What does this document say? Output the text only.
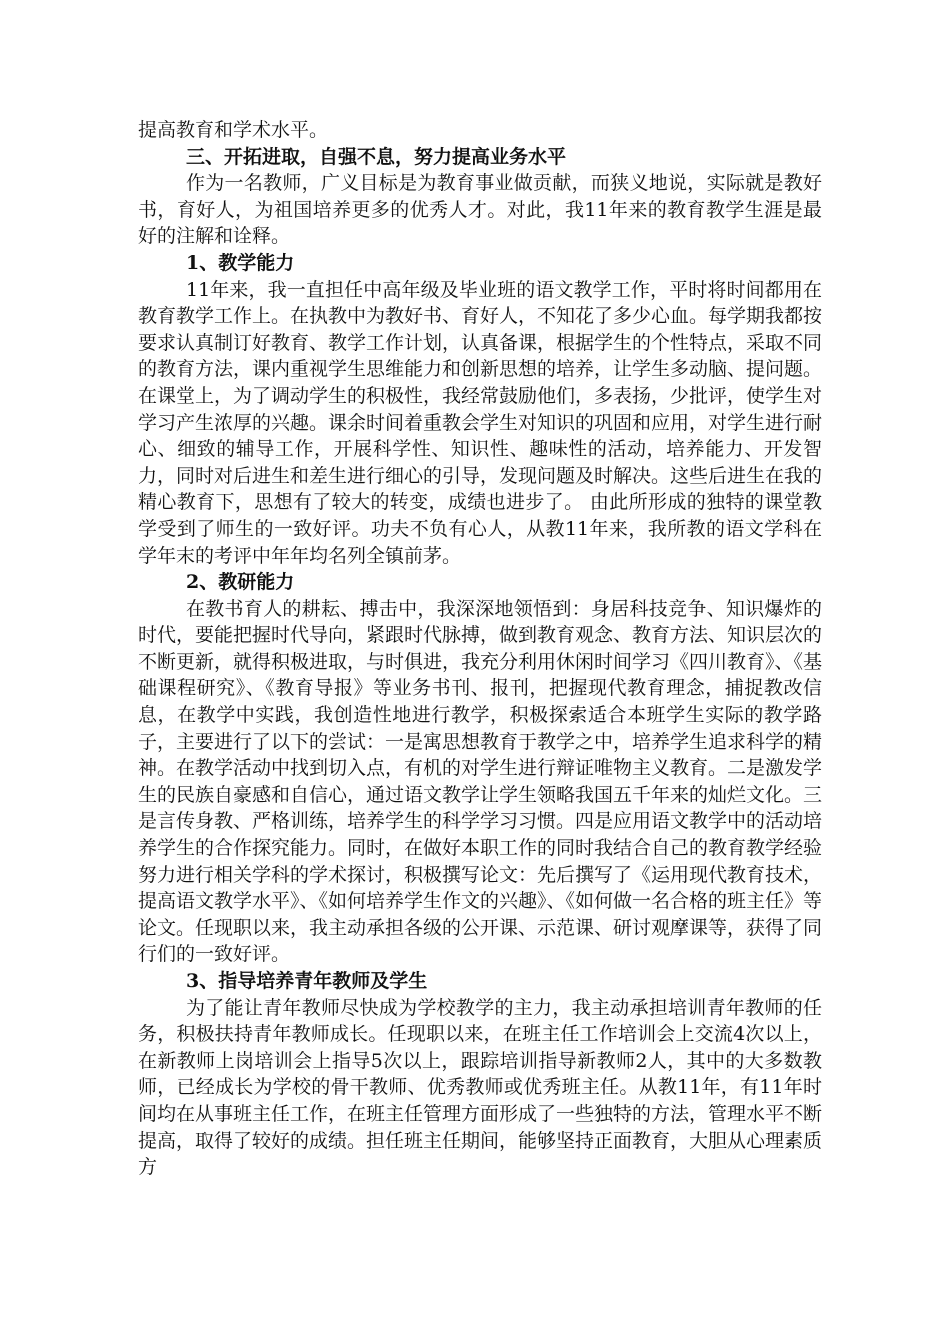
提高教育和学术水平。

三、开拓进取，自强不息，努力提高业务水平

作为一名教师，广义目标是为教育事业做贡献，而狭义地说，实际就是教好书，育好人，为祖国培养更多的优秀人才。对此，我11年来的教育教学生涯是最好的注解和诠释。

1、教学能力

11年来，我一直担任中高年级及毕业班的语文教学工作，平时将时间都用在教育教学工作上。在执教中为教好书、育好人，不知花了多少心血。每学期我都按要求认真制订好教育、教学工作计划，认真备课，根据学生的个性特点，采取不同的教育方法，课内重视学生思维能力和创新思想的培养，让学生多动脑、提问题。在课堂上，为了调动学生的积极性，我经常鼓励他们，多表扬，少批评，使学生对学习产生浓厚的兴趣。课余时间着重教会学生对知识的巩固和应用，对学生进行耐心、细致的辅导工作，开展科学性、知识性、趣味性的活动，培养能力、开发智力，同时对后进生和差生进行细心的引导，发现问题及时解决。这些后进生在我的精心教育下，思想有了较大的转变，成绩也进步了。 由此所形成的独特的课堂教学受到了师生的一致好评。功夫不负有心人，从教11年来，我所教的语文学科在学年末的考评中年年均名列全镇前茅。

2、教研能力

在教书育人的耕耘、搏击中，我深深地领悟到：身居科技竞争、知识爆炸的时代，要能把握时代导向，紧跟时代脉搏，做到教育观念、教育方法、知识层次的不断更新，就得积极进取，与时俱进，我充分利用休闲时间学习《四川教育》、《基础课程研究》、《教育导报》等业务书刊、报刊，把握现代教育理念，捕捉教改信息，在教学中实践，我创造性地进行教学，积极探索适合本班学生实际的教学路子，主要进行了以下的尝试：一是寓思想教育于教学之中，培养学生追求科学的精神。在教学活动中找到切入点，有机的对学生进行辩证唯物主义教育。二是激发学生的民族自豪感和自信心，通过语文教学让学生领略我国五千年来的灿烂文化。三是言传身教、严格训练，培养学生的科学学习习惯。四是应用语文教学中的活动培养学生的合作探究能力。同时，在做好本职工作的同时我结合自己的教育教学经验努力进行相关学科的学术探讨，积极撰写论文：先后撰写了《运用现代教育技术，提高语文教学水平》、《如何培养学生作文的兴趣》、《如何做一名合格的班主任》等论文。任现职以来，我主动承担各级的公开课、示范课、研讨观摩课等，获得了同行们的一致好评。

3、指导培养青年教师及学生

为了能让青年教师尽快成为学校教学的主力，我主动承担培训青年教师的任务，积极扶持青年教师成长。任现职以来，在班主任工作培训会上交流4次以上，在新教师上岗培训会上指导5次以上，跟踪培训指导新教师2人，其中的大多数教师，已经成长为学校的骨干教师、优秀教师或优秀班主任。从教11年，有11年时间均在从事班主任工作，在班主任管理方面形成了一些独特的方法，管理水平不断提高，取得了较好的成绩。担任班主任期间，能够坚持正面教育，大胆从心理素质方
